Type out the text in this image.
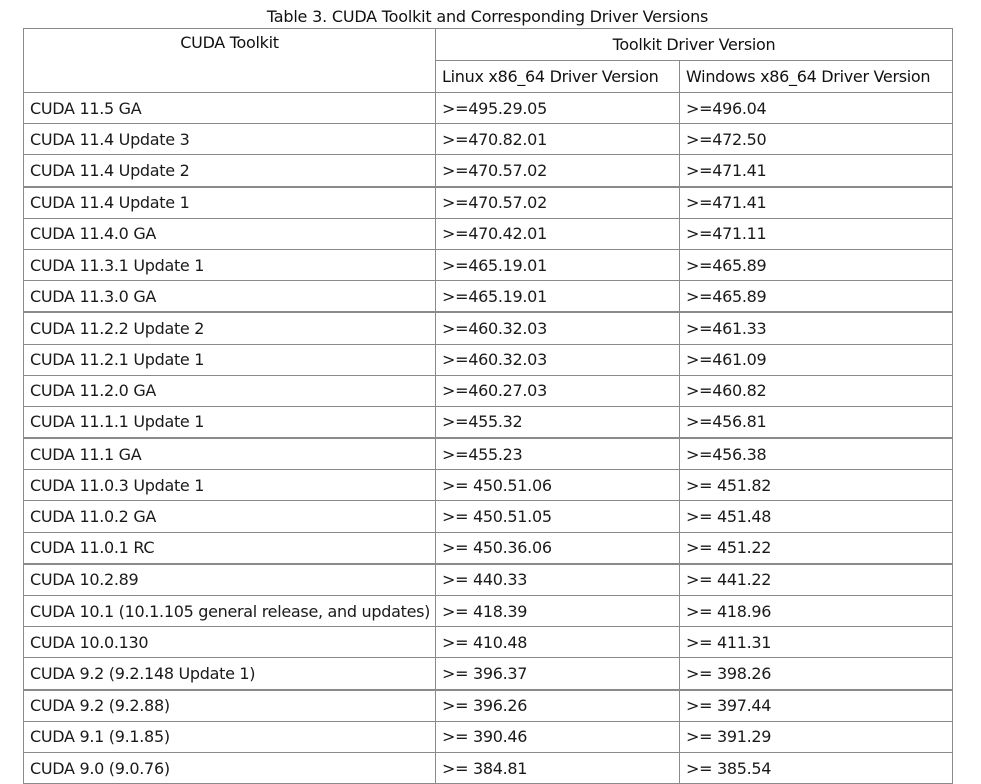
Table 3. CUDA Toolkit and Corresponding Driver Versions
CUDA Toolkit	Toolkit Driver Version	
	Linux x86_64 Driver Version	Windows x86_64 Driver Version
CUDA 11.5 GA	>=495.29.05	>=496.04
CUDA 11.4 Update 3	>=470.82.01	>=472.50
CUDA 11.4 Update 2	>=470.57.02	>=471.41
CUDA 11.4 Update 1	>=470.57.02	>=471.41
CUDA 11.4.0 GA	>=470.42.01	>=471.11
CUDA 11.3.1 Update 1	>=465.19.01	>=465.89
CUDA 11.3.0 GA	>=465.19.01	>=465.89
CUDA 11.2.2 Update 2	>=460.32.03	>=461.33
CUDA 11.2.1 Update 1	>=460.32.03	>=461.09
CUDA 11.2.0 GA	>=460.27.03	>=460.82
CUDA 11.1.1 Update 1	>=455.32	>=456.81
CUDA 11.1 GA	>=455.23	>=456.38
CUDA 11.0.3 Update 1	>= 450.51.06	>= 451.82
CUDA 11.0.2 GA	>= 450.51.05	>= 451.48
CUDA 11.0.1 RC	>= 450.36.06	>= 451.22
CUDA 10.2.89	>= 440.33	>= 441.22
CUDA 10.1 (10.1.105 general release, and updates)	>= 418.39	>= 418.96
CUDA 10.0.130	>= 410.48	>= 411.31
CUDA 9.2 (9.2.148 Update 1)	>= 396.37	>= 398.26
CUDA 9.2 (9.2.88)	>= 396.26	>= 397.44
CUDA 9.1 (9.1.85)	>= 390.46	>= 391.29
CUDA 9.0 (9.0.76)	>= 384.81	>= 385.54
